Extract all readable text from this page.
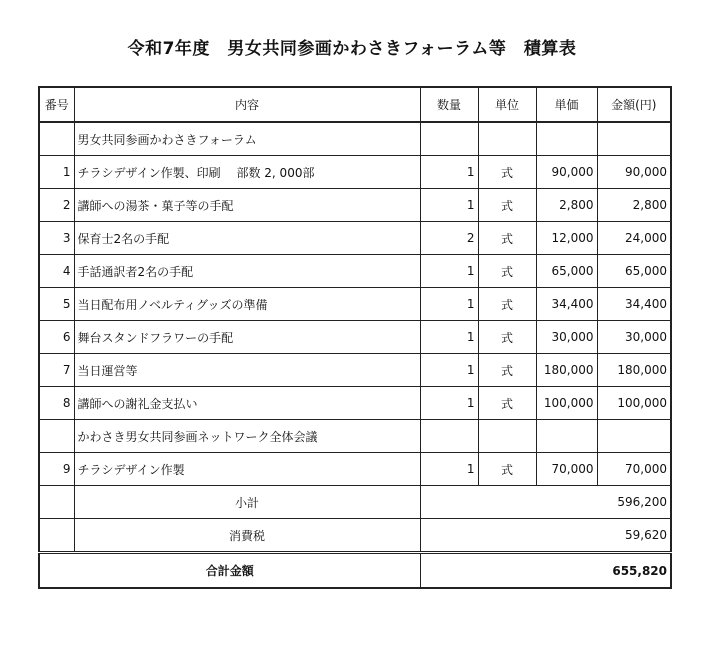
令和7年度　男女共同参画かわさきフォーラム等　積算表
番号	内容	数量	単位	単価	金額(円)
	男女共同参画かわさきフォーラム				
1	チラシデザイン作製、印刷　 部数 2, 000部	1	式	90,000	90,000
2	講師への湯茶・菓子等の手配	1	式	2,800	2,800
3	保育士2名の手配	2	式	12,000	24,000
4	手話通訳者2名の手配	1	式	65,000	65,000
5	当日配布用ノベルティグッズの準備	1	式	34,400	34,400
6	舞台スタンドフラワーの手配	1	式	30,000	30,000
7	当日運営等	1	式	180,000	180,000
8	講師への謝礼金支払い	1	式	100,000	100,000
	かわさき男女共同参画ネットワーク全体会議				
9	チラシデザイン作製	1	式	70,000	70,000
	小計	596,200			
	消費税	59,620			
合計金額		655,820			
